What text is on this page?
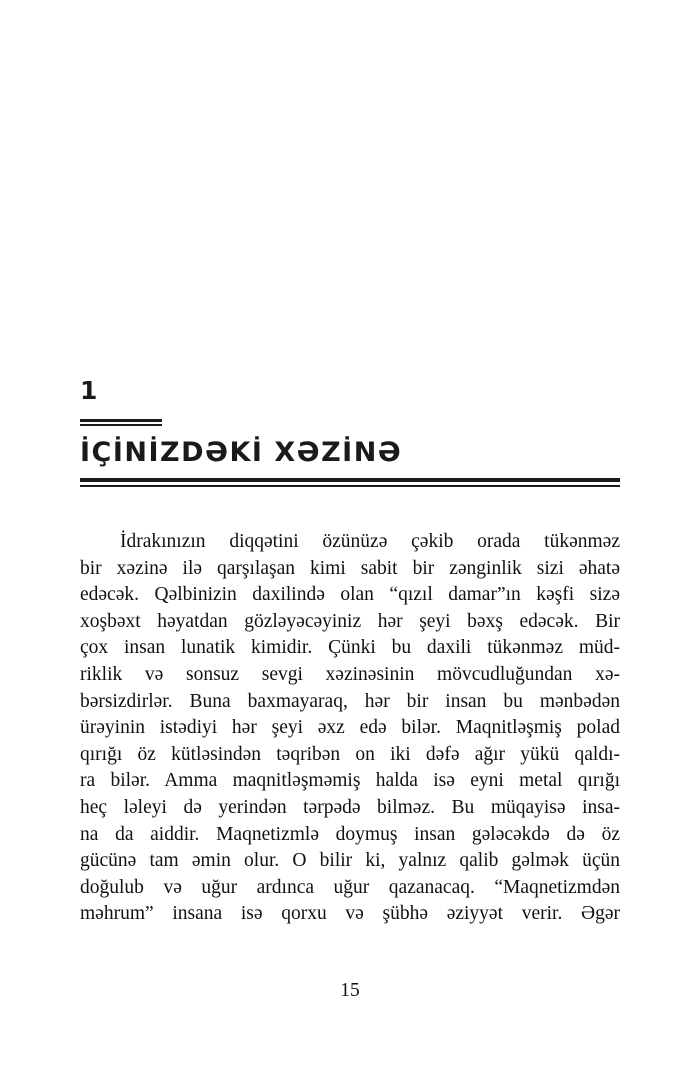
1
İÇİNİZDƏKİ XƏZİNƏ
İdrakınızın diqqətini özünüzə çəkib orada tükənməz
bir xəzinə ilə qarşılaşan kimi sabit bir zənginlik sizi əhatə
edəcək. Qəlbinizin daxilində olan “qızıl damar”ın kəşfi sizə
xoşbəxt həyatdan gözləyəcəyiniz hər şeyi bəxş edəcək. Bir
çox insan lunatik kimidir. Çünki bu daxili tükənməz müd-
riklik və sonsuz sevgi xəzinəsinin mövcudluğundan xə-
bərsizdirlər. Buna baxmayaraq, hər bir insan bu mənbədən
ürəyinin istədiyi hər şeyi əxz edə bilər. Maqnitləşmiş polad
qırığı öz kütləsindən təqribən on iki dəfə ağır yükü qaldı-
ra bilər. Amma maqnitləşməmiş halda isə eyni metal qırığı
heç ləleyi də yerindən tərpədə bilməz. Bu müqayisə insa-
na da aiddir. Maqnetizmlə doymuş insan gələcəkdə də öz
gücünə tam əmin olur. O bilir ki, yalnız qalib gəlmək üçün
doğulub və uğur ardınca uğur qazanacaq. “Maqnetizmdən
məhrum” insana isə qorxu və şübhə əziyyət verir. Əgər
15
